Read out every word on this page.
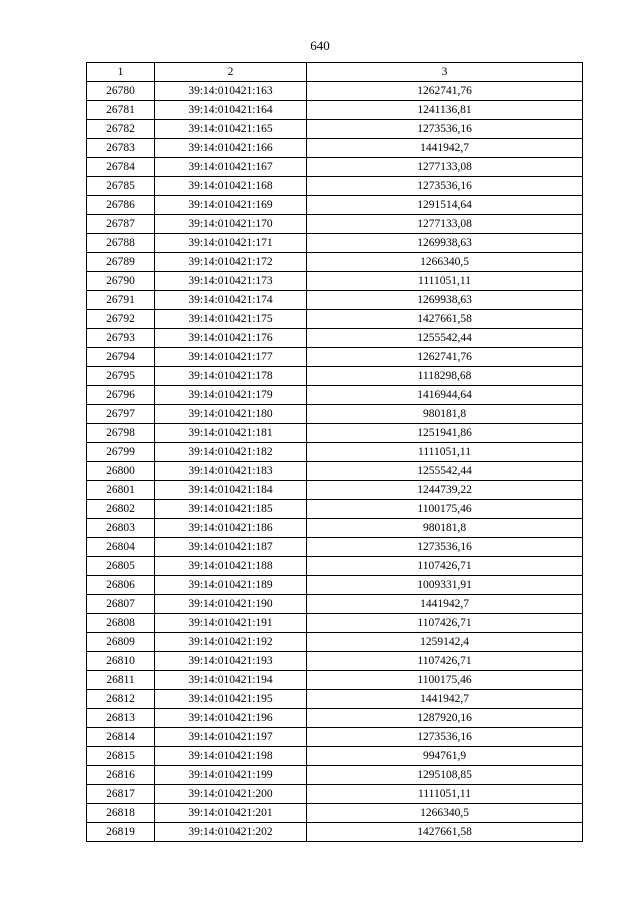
640
1	2	3
26780	39:14:010421:163	1262741,76
26781	39:14:010421:164	1241136,81
26782	39:14:010421:165	1273536,16
26783	39:14:010421:166	1441942,7
26784	39:14:010421:167	1277133,08
26785	39:14:010421:168	1273536,16
26786	39:14:010421:169	1291514,64
26787	39:14:010421:170	1277133,08
26788	39:14:010421:171	1269938,63
26789	39:14:010421:172	1266340,5
26790	39:14:010421:173	1111051,11
26791	39:14:010421:174	1269938,63
26792	39:14:010421:175	1427661,58
26793	39:14:010421:176	1255542,44
26794	39:14:010421:177	1262741,76
26795	39:14:010421:178	1118298,68
26796	39:14:010421:179	1416944,64
26797	39:14:010421:180	980181,8
26798	39:14:010421:181	1251941,86
26799	39:14:010421:182	1111051,11
26800	39:14:010421:183	1255542,44
26801	39:14:010421:184	1244739,22
26802	39:14:010421:185	1100175,46
26803	39:14:010421:186	980181,8
26804	39:14:010421:187	1273536,16
26805	39:14:010421:188	1107426,71
26806	39:14:010421:189	1009331,91
26807	39:14:010421:190	1441942,7
26808	39:14:010421:191	1107426,71
26809	39:14:010421:192	1259142,4
26810	39:14:010421:193	1107426,71
26811	39:14:010421:194	1100175,46
26812	39:14:010421:195	1441942,7
26813	39:14:010421:196	1287920,16
26814	39:14:010421:197	1273536,16
26815	39:14:010421:198	994761,9
26816	39:14:010421:199	1295108,85
26817	39:14:010421:200	1111051,11
26818	39:14:010421:201	1266340,5
26819	39:14:010421:202	1427661,58
